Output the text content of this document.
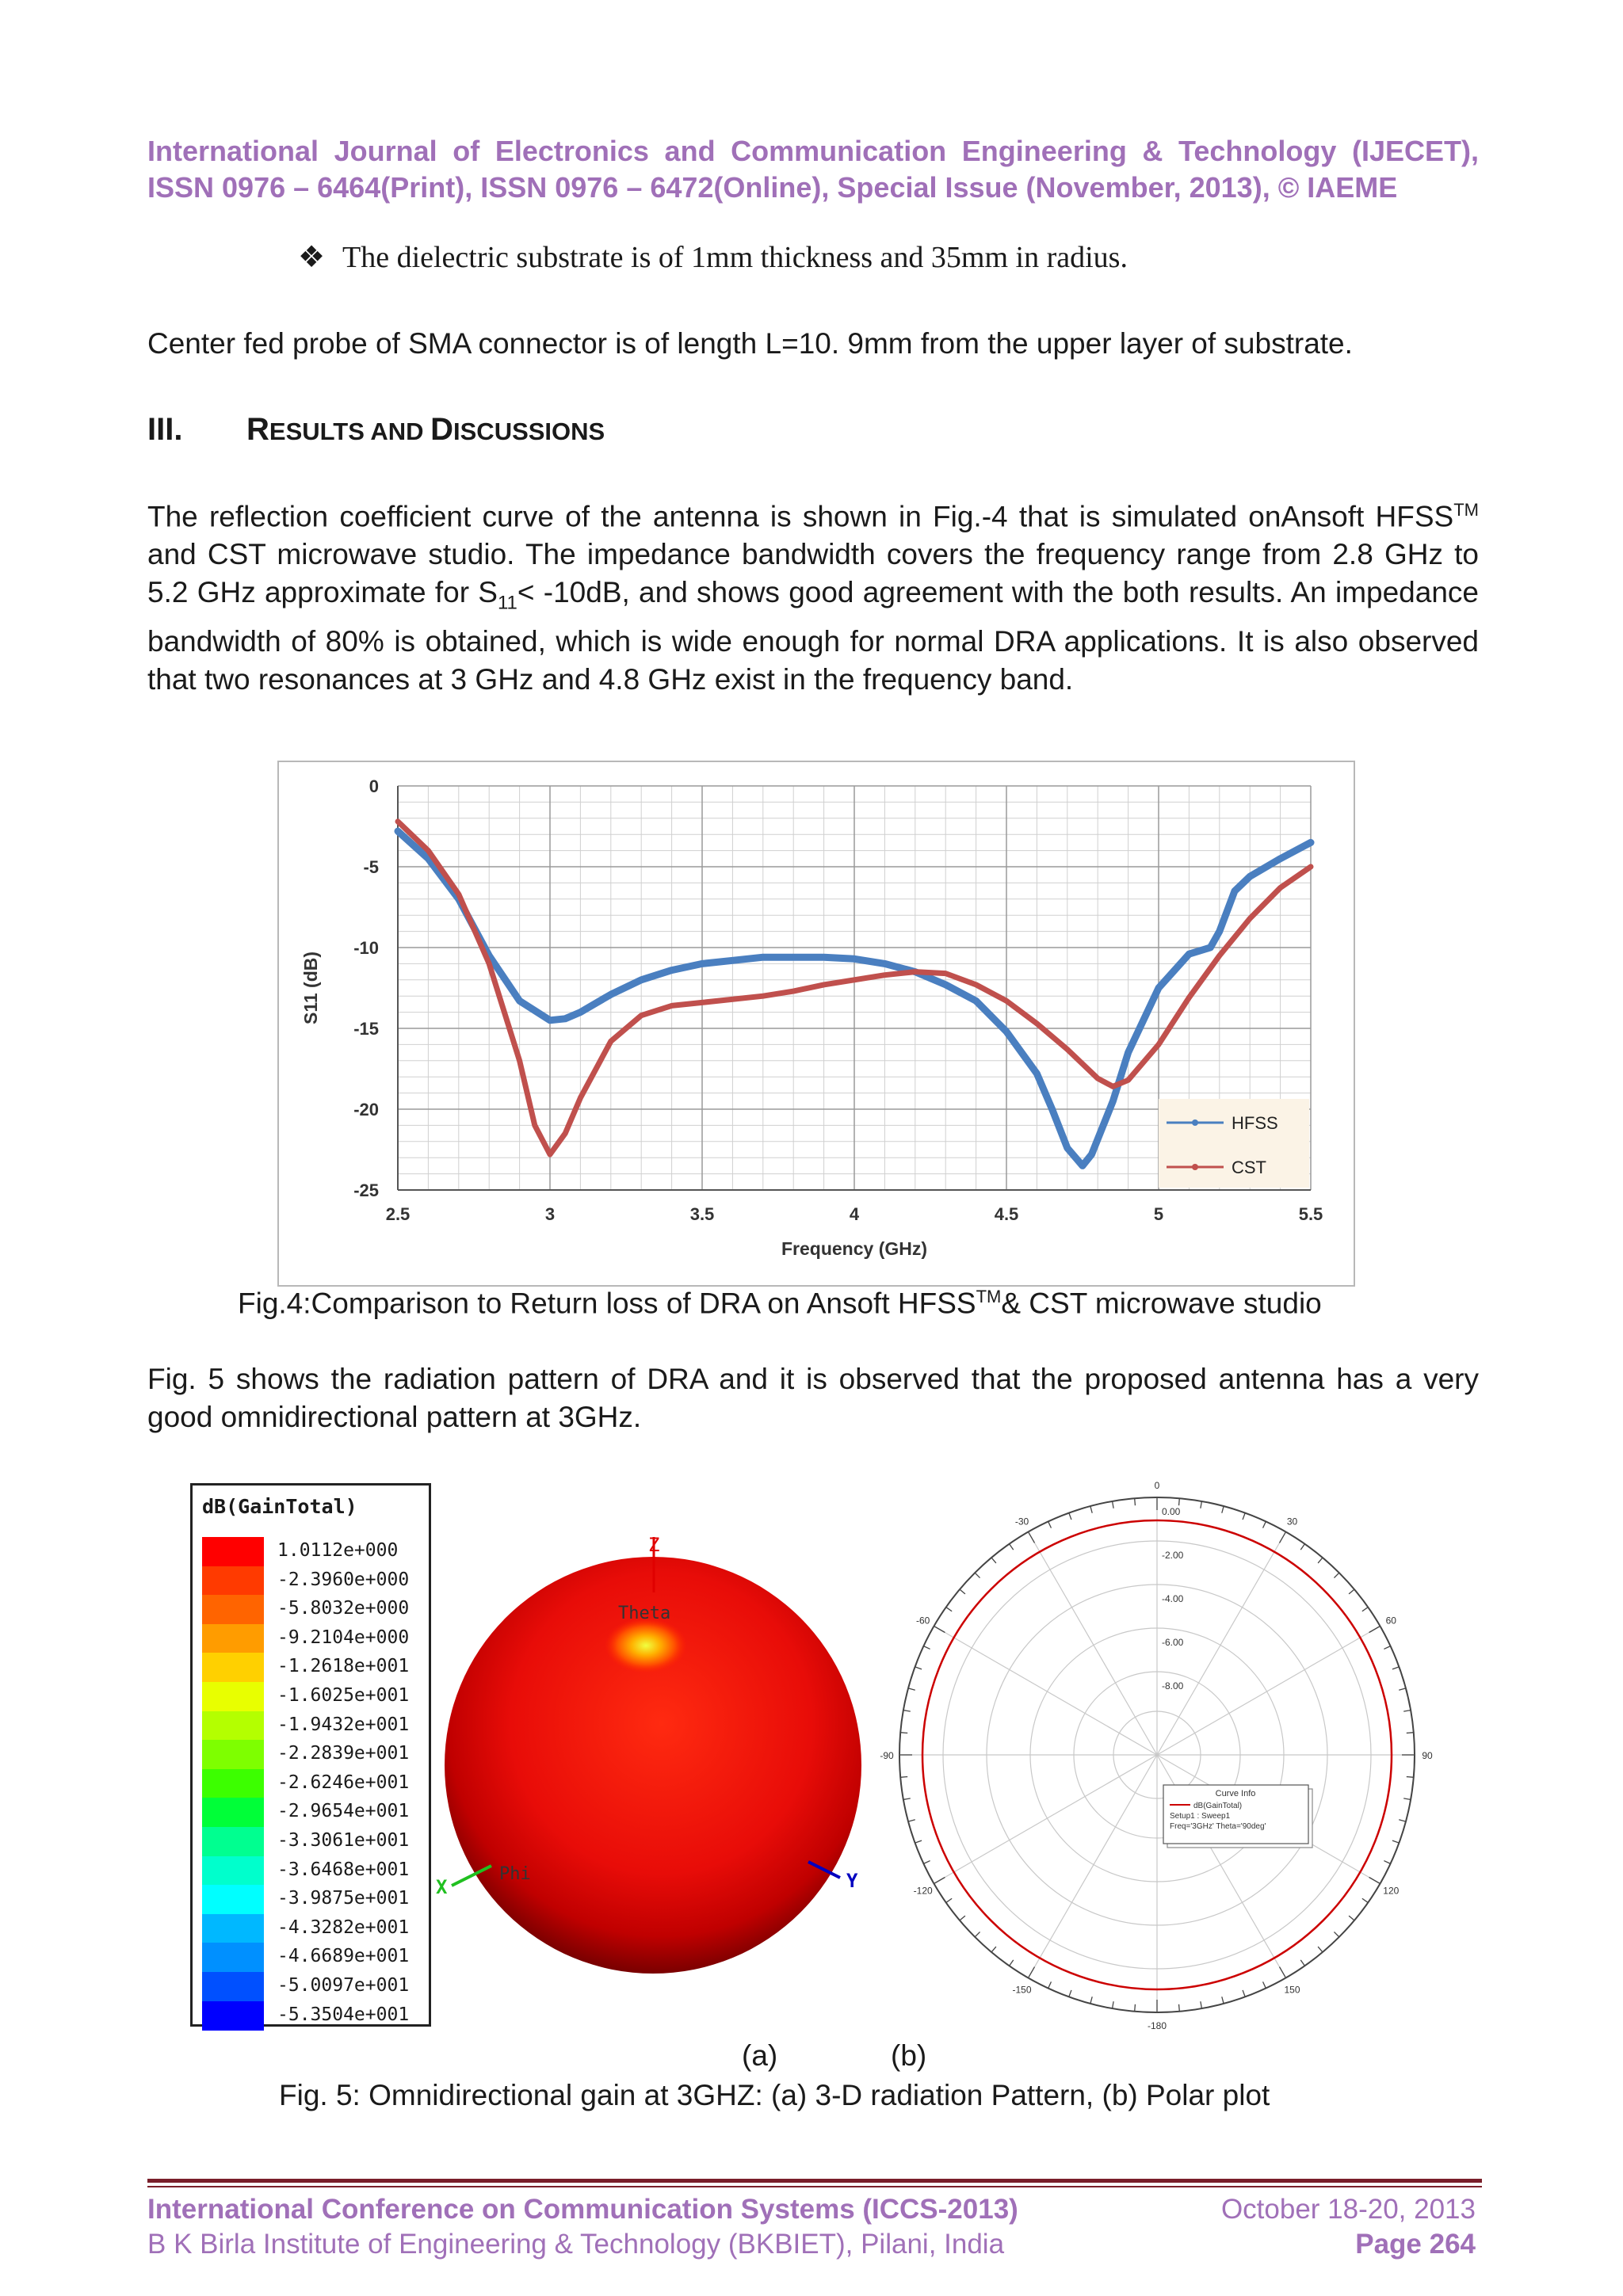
International Journal of Electronics and Communication Engineering & Technology (IJECET),
ISSN 0976 – 6464(Print), ISSN 0976 – 6472(Online), Special Issue (November, 2013), © IAEME
❖ The dielectric substrate is of 1mm thickness and 35mm in radius.
Center fed probe of SMA connector is of length L=10. 9mm from the upper layer of substrate.
III. RESULTS AND DISCUSSIONS
The reflection coefficient curve of the antenna is shown in Fig.-4 that is simulated onAnsoft HFSS™ and CST microwave studio. The impedance bandwidth covers the frequency range from 2.8 GHz to 5.2 GHz approximate for $S_{11}< -10dB$, and shows good agreement with the both results. An impedance bandwidth of 80% is obtained, which is wide enough for normal DRA applications. It is also observed that two resonances at 3 GHz and 4.8 GHz exist in the frequency band.
2.5	3	3.5	4	4.5	5	5.5
0
-5
-10
-15
-20
-25
Frequency (GHz)
S11 (dB)
HFSS
CST
Fig.4:Comparison to Return loss of DRA on Ansoft HFSS™& CST microwave studio
Fig. 5 shows the radiation pattern of DRA and it is observed that the proposed antenna has a very good omnidirectional pattern at 3GHz.
dB(GainTotal)
1.0112e+000
-2.3960e+000
-5.8032e+000
-9.2104e+000
-1.2618e+001
-1.6025e+001
-1.9432e+001
-2.2839e+001
-2.6246e+001
-2.9654e+001
-3.3061e+001
-3.6468e+001
-3.9875e+001
-4.3282e+001
-4.6689e+001
-5.0097e+001
-5.3504e+001
Z
Theta
Y
X
Phi
0
30
60
90
120
150
-180
-150
-120
-90
-60
-30
0.00
-2.00
-4.00
-6.00
-8.00
Curve Info
dB(GainTotal)
Setup1 : Sweep1
Freq='3GHz' Theta='90deg'
(a)	(b)
Fig. 5: Omnidirectional gain at 3GHZ: (a) 3-D radiation Pattern, (b) Polar plot
International Conference on Communication Systems (ICCS-2013)
B K Birla Institute of Engineering & Technology (BKBIET), Pilani, India
October 18-20, 2013
Page 264
